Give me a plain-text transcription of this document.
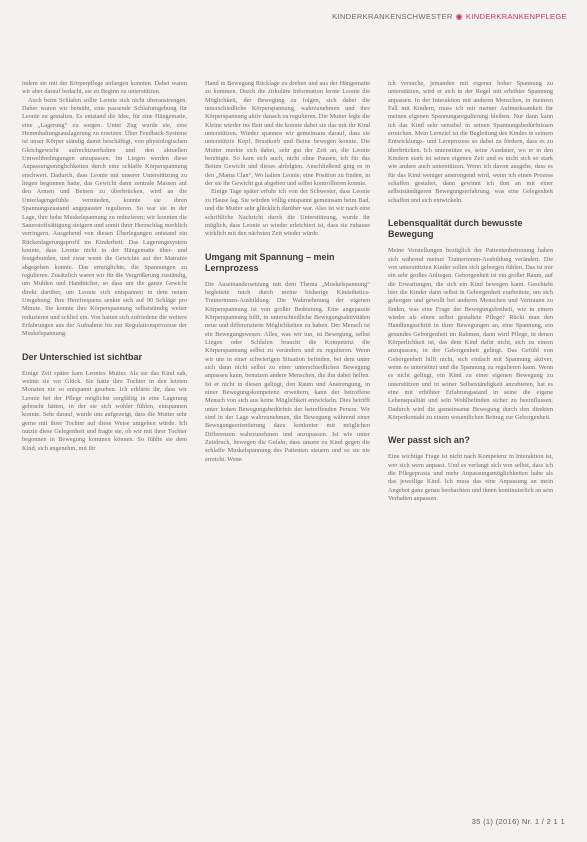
KINDERKRANKENSCHWESTER ◉ KINDERKRANKENPFLEGE

indem sie mit der Körperpflege anfangen konnten. Dabei waren wir aber darauf bedacht, sie zu Beginn zu unterstützen.

Auch beim Schlafen sollte Leonie sich nicht überanstrengen. Daher waren wir bemüht, eine passende Schlafumgebung für Leonie zu gestalten. Es entstand die Idee, für eine Hängematte, eine „Lagerung“ zu sorgen. Unter Zug wurde sie, eine Hemmhaltungsauslagerung zu ersetzen. Über Feedback-Systeme ist unser Körper ständig damit beschäftigt, von physiologischen Gleichgewicht aufrechtzuerhalten und den aktuellen Umweltbedingungen anzupassen. Im Liegen werden diese Anpassungsmöglichkeiten durch eine schlaffe Körperspannung erschwert. Dadurch, dass Leonie mit unserer Unterstützung zu liegen begonnen hatte, das Gewicht dann zentrale Massen auf den Armen und Beinen zu überbrücken, wird an die Unterlagengefühle vermieden, konnte sie ihren Spannungszustand angepasster regulieren. So war sie in der Lage, ihre hohe Muskelspannung zu reduzieren; wir konnten die Sauerstoffsättigung steigern und somit ihrer Herzschlag merklich verringern. Ausgehend von diesen Überlegungen entstand ein Rückenlagerungsprofil im Kinderbett. Das Lagerungssystem konnte, dass Leonie nicht in der Hängematte über- und festgebunden, und zwar wenn die Gewichte auf der Matratze abgegeben konnte. Das ermöglichte, die Spannungen zu regulieren. Zusätzlich waren wir für die Vergrößerung zuständig, um Mulden und Handtücher, so dass um die ganze Gewicht direkt darüber, um Leonie sich entspannen in dem neuen Umgebung. Ihre Herzfrequenz senkte sich auf 90 Schläge pro Minute. Sie konnte ihre Körperspannung selbstständig weiter reduzieren und schlief ein. Von hatten sich zufriedene die weitere Erfahrungen aus der Aufnahme bis zur Regulationsprozesse der Muskelspannung.

Der Unterschied ist sichtbar

Einige Zeit später kam Leonies Mutter. Als sie das Kind sah, weinte sie vor Glück. Sie hatte ihre Tochter in den letzten Monaten nie so entspannt gesehen. Ich erklärte ihr, dass wir Leonie bei der Pflege möglichst sorgfältig in eine Lagerung gebracht hätten, in der sie sich wohler fühlen, entspannen konnte. Sehr darauf, wurde uns aufgezeigt, dass die Mutter sehr gerne mit ihrer Tochter auf diese Weise umgehen würde. Ich nutzte diese Gelegenheit und fragte sie, ob wir mit ihrer Tochter begonnen in Bewegung kommen können. So fühlte sie dem Kind, sich angenehm, mit ihr

Hand in Bewegung Rücklage zu drehen und aus der Hängematte zu kommen. Durch die zirkuläre Information lernte Leonie die Möglichkeit, der Bewegung zu folgen, sich dabei die unterschiedliche Körperspannung, wahrzunehmen und ihre Körperspannung aktiv danach zu regulieren. Die Mutter legte die Kleine wieder ins Bett und die konnte dabei sie das mit ihr Kind unterstützen. Wieder spannen wir gemeinsam darauf, dass sie unterstützte Kopf, Brustkorb und Beine bewegen konnte. Die Mutter merkte sich dabei, sehr gut der Zeit an, die Leonie benötigte. So kam sich auch, nicht ohne Pausen, ich für das Betten Gewicht und dieses abfolgten. Anschließend ging es in den „Mama Clan“, Wo halten Leonie, eine Position zu finden, in der sie ihr Gewicht gut abgeben und selbst kontrollieren konnte.

Einige Tage später erfuhr ich von der Schwester, dass Leonie zu Hause lag. Sie würden völlig entspannt gemeinsam beim Bad, und die Mutter sehr glücklich darüber war. Also ist wir nach eine schriftliche Nachricht durch die Unterstützung, wurde ihr möglich, dass Leonie so wieder erleichtert ist, dass sie zuhause wirklich mit den nächsten Zeit wieder würde.

Umgang mit Spannung – mein Lernprozess

Die Auseinandersetzung mit dem Thema „Muskelspannung“ begleitete mich durch meine bisherige Kinästhetics-Trainerinnen-Ausbildung. Die Wahrnehmung der eigenen Körperspannung ist von großer Bedeutung. Eine angepasste Körperspannung hilft, in unterschiedliche Bewegungsaktivitäten neue und differenzierte Möglichkeiten zu haben. Der Mensch ist ein Bewegungswesen. Alles, was wir tun, ist Bewegung, selbst Liegen oder Schlafen braucht die Kompetenz die Körperspannung selbst zu verändern und zu regulieren. Wenn wir uns in einer schwierigen Situation befinden, bei dem unter sich dann nicht selbst zu einer unterschiedlichen Bewegung anpassen kann, benutzen andere Menschen, die ihn dabei helfen. Ist er nicht in diesen gelingt, den Raum und Anstrengung, in einer Bewegungskompetenz erweitern, kann der betroffene Mensch von sich aus keine Möglichkeit entwickeln. Dies betrifft unter hohen Bewegungsbedürfnis der betreffenden Person. Wir sind in der Lage wahrzunehmen, die Bewegung während einer Bewegungsorientierung dazu konkreter mit möglichen Differenzen wahrzunehmen und anzupassen. Ist wie unter Zeitdruck, bewegen die Gefahr, dass unsere zu Kind gegen die schlaffe Muskelspannung des Patienten steuern und so sie nie erreicht. Wenn

ich versuche, jemanden mit eigener hoher Spannung zu unterstützen, wird er sich in der Regel mit erhöhter Spannung anpassen. In der Interaktion mit anderen Menschen, in meinem Fall mit Kindern, muss ich mir meiner Aufmerksamkeit für meinen eigenen Spannungsregulierung bleiben. Nur dann kann ich das Kind sehr sensibel in seinen Spannungsbedürfnissen erreichen. Mein Lernziel ist die Begleitung des Kindes in seinem Entwicklungs- und Lernprozess so dabei zu fördern, dass es zu überbrücken. Ich unterstütze es, seine Ausdauer, wo er in den Kindern stark ist seinen eigenen Zeit und es nicht sich so stark wie andere auch unterstützen. Wenn ich davon ausgehe, dass es für das Kind weniger anstrengend wird, wenn ich einen Prozess schaffen gestaltet, dann gewinnt ich ihm an mit einer selbstständigeren Bewegungserfahrung, was eine Gelegenheit schaffen und sich entwickeln.

Lebensqualität durch bewusste Bewegung

Meine Vorstellungen bezüglich der Patientenbetreuung haben sich während meiner Trainerinnen-Ausbildung verändert. Die von unterstützten Kinder sollen sich geborgen fühlen. Das ist mir ein sehr großes Anliegen. Geborgenheit ist ein großer Raum, auf die Erwartungen, die sich ein Kind bewegen kann. Geschieht hier die Kinder dann selbst in Geborgenheit erarbeitete, um sich geborgen und gewollt bei anderen Menschen und Vertrauen zu finden, was eine Frage der Bewegungsfreiheit, wie in einem wieder als einen selbst gestaltete Pflege? Rückt man den Handlungsschritt in ihrer Bewegungen an, eine Spannung, ein gesundes Geborgenheit im Rahmen, dann wird Pflege, in denen Körperlichkeit ist, das dem Kind dafür nicht, sich zu einem anzupassen, in der Geborgenheit gelingt. Das Gefühl von Geborgenheit hilft nicht, sich einfach mit Spannung aktiver, wenn es unterstützt und die Spannung zu regulieren kann. Wenn es nicht gelingt, ein Kind zu einer eigenen Bewegung zu unterstützen und in seiner Selbstständigkeit anzubieten, hat es eine mit erhöhter Erfahrungsstand in seine die eigene Lebensqualität und sein Wohlbefinden sicher zu beeinflussen. Dadurch wird die gemeinsame Bewegung durch den direkten Körperkontakt zu einem wesentlichen Beitrag zur Geborgenheit.

Wer passt sich an?

Eine wichtige Frage ist nicht nach Kompetenz in Interaktion ist, wer sich wem anpasst. Und es verlangt sich von selbst, dass ich die Pflegepraxis und mehr Anpassungsmöglichkeiten habe als das jeweilige Kind. Ich muss das eine Anpassung an mein Angebot ganz genau beobachten und ihnen kontinuierlich an sein Verhalten anpassen.

35 (1) (2016) Nr. 1 / 2 1 1
